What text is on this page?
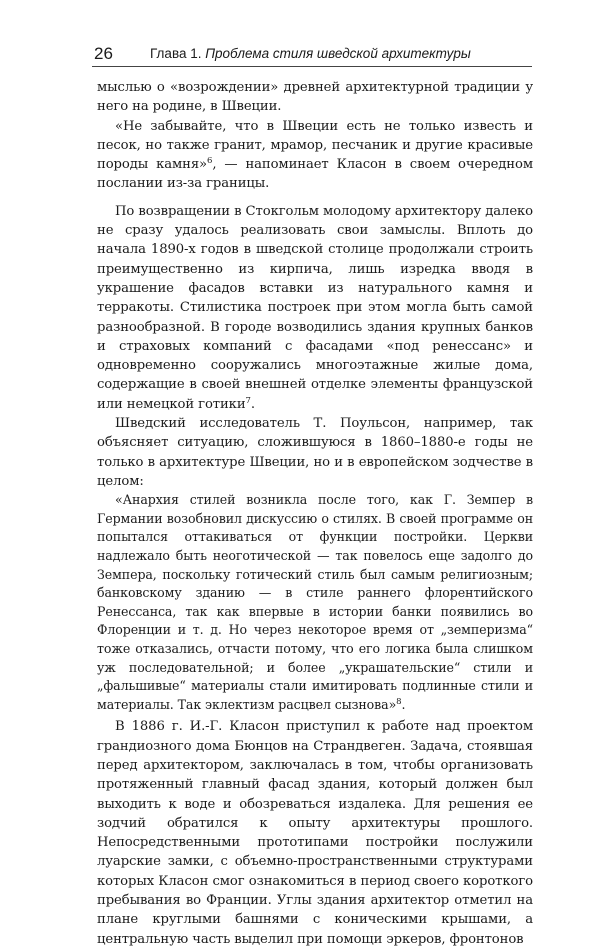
26	Глава 1. Проблема стиля шведской архитектуры

мыслью о «возрождении» древней архитектурной традиции у него на родине, в Швеции.

«Не забывайте, что в Швеции есть не только известь и песок, но также гранит, мрамор, песчаник и другие красивые породы камня»$^6$, — напоминает Класон в своем очередном послании из-за границы.

По возвращении в Стокгольм молодому архитектору далеко не сразу удалось реализовать свои замыслы. Вплоть до начала 1890-х годов в шведской столице продолжали строить преимущественно из кирпича, лишь изредка вводя в украшение фасадов вставки из натурального камня и терракоты. Стилистика построек при этом могла быть самой разнообразной. В городе возводились здания крупных банков и страховых компаний с фасадами «под ренессанс» и одновременно сооружались многоэтажные жилые дома, содержащие в своей внешней отделке элементы французской или немецкой готики$^7$.

Шведский исследователь Т. Поульсон, например, так объясняет ситуацию, сложившуюся в 1860–1880-е годы не только в архитектуре Швеции, но и в европейском зодчестве в целом:

«Анархия стилей возникла после того, как Г. Земпер в Германии возобновил дискуссию о стилях. В своей программе он попытался оттакиваться от функции постройки. Церкви надлежало быть неоготической — так повелось еще задолго до Земпера, поскольку готический стиль был самым религиозным; банковскому зданию — в стиле раннего флорентийского Ренессанса, так как впервые в истории банки появились во Флоренции и т. д. Но через некоторое время от „земперизма“ тоже отказались, отчасти потому, что его логика была слишком уж последовательной; и более „украшательские“ стили и „фальшивые“ материалы стали имитировать подлинные стили и материалы. Так эклектизм расцвел сызнова»$^8$.

В 1886 г. И.-Г. Класон приступил к работе над проектом грандиозного дома Бюнцов на Страндвеген. Задача, стоявшая перед архитектором, заключалась в том, чтобы организовать протяженный главный фасад здания, который должен был выходить к воде и обозреваться издалека. Для решения ее зодчий обратился к опыту архитектуры прошлого. Непосредственными прототипами постройки послужили луарские замки, с объемно-пространственными структурами которых Класон смог ознакомиться в период своего короткого пребывания во Франции. Углы здания архитектор отметил на плане круглыми башнями с коническими крышами, а центральную часть выделил при помощи эркеров, фронтонов
